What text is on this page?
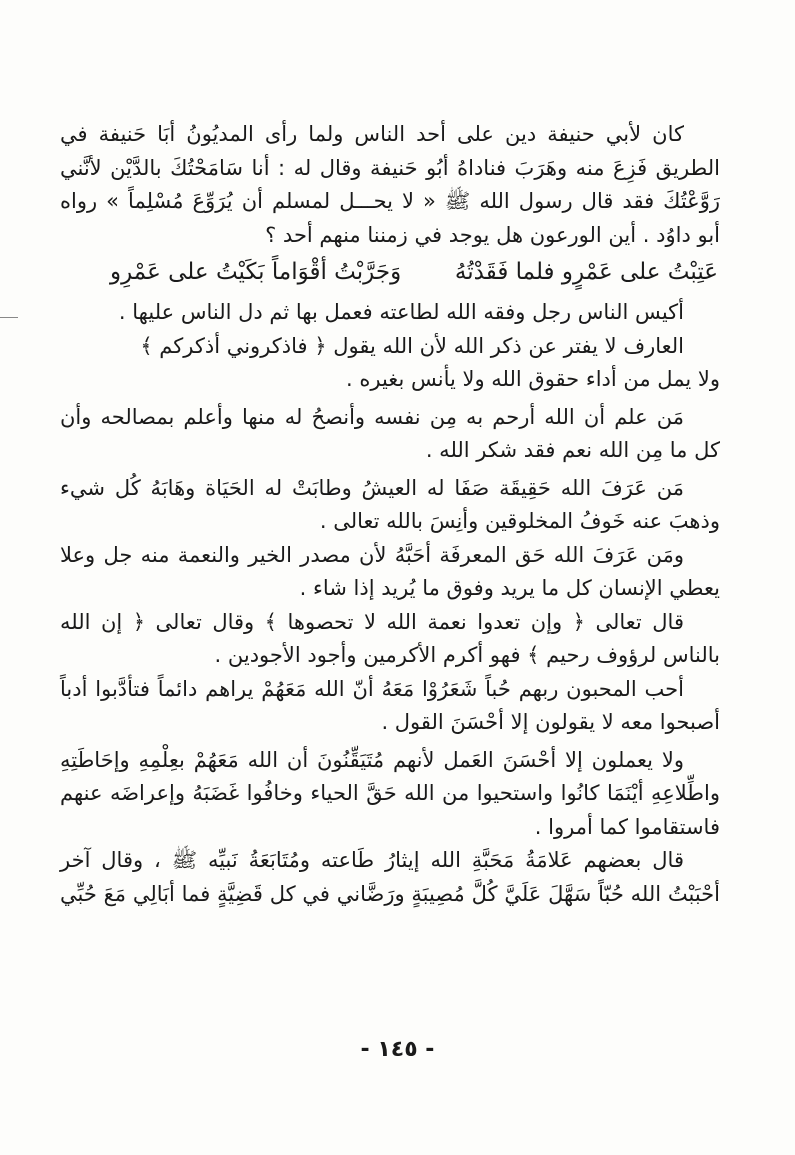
كان لأبي حنيفة دين على أحد الناس ولما رأى المديُونُ أبَا حَنيفة في
الطريق فَزِعَ منه وهَرَبَ فناداهُ أبُو حَنيفة وقال له : أنا سَامَحْتُكَ بالدَّيْن لأنَّني
رَوَّعْتُكَ فقد قال رسول الله ﷺ « لا يحـــل لمسلم أن يُرَوِّعَ مُسْلِماً » رواه
أبو داوُد . أين الورعون هل يوجد في زمننا منهم أحد ؟
عَتِبْتُ على عَمْرٍو فلما فَقَدْتُهُ
وَجَرَّبْتُ أقْوَاماً بَكَيْتُ على عَمْرِو
أكيس الناس رجل وفقه الله لطاعته فعمل بها ثم دل الناس عليها .
العارف لا يفتر عن ذكر الله لأن الله يقول ﴿ فاذكروني أذكركم ﴾
ولا يمل من أداء حقوق الله ولا يأنس بغيره .
مَن علم أن الله أرحم به مِن نفسه وأنصحُ له منها وأعلم بمصالحه وأن
كل ما مِن الله نعم فقد شكر الله .
مَن عَرَفَ الله حَقِيقَة صَفَا له العيشُ وطابَتْ له الحَيَاة وهَابَهُ كُل شيء
وذهبَ عنه خَوفُ المخلوقين وأنِسَ بالله تعالى .
ومَن عَرَفَ الله حَق المعرفَة أحَبَّهُ لأن مصدر الخير والنعمة منه جل وعلا
يعطي الإنسان كل ما يريد وفوق ما يُريد إذا شاء .
قال تعالى ﴿ وإن تعدوا نعمة الله لا تحصوها ﴾ وقال تعالى ﴿ إن الله
بالناس لرؤوف رحيم ﴾ فهو أكرم الأكرمين وأجود الأجودين .
أحب المحبون ربهم حُباً شَعَرُوْا مَعَهُ أنّ الله مَعَهُمْ يراهم دائماً فتأدَّبوا أدباً
أصبحوا معه لا يقولون إلا أحْسَنَ القول .
ولا يعملون إلا أحْسَنَ العَمل لأنهم مُتَيَقِّنُونَ أن الله مَعَهُمْ بعِلْمِهِ وإحَاطَتِهِ
واطِّلاعِهِ أيْنَمَا كانُوا واستحيوا من الله حَقَّ الحياء وخافُوا غَضَبَهُ وإعراضَه عنهم
فاستقاموا كما أمروا .
قال بعضهم عَلامَةُ مَحَبَّةِ الله إيثارُ طَاعته ومُتَابَعَةُ نَبيِّه ﷺ ، وقال آخر
أحْبَبْتُ الله حُبّاً سَهَّلَ عَلَيَّ كُلَّ مُصِيبَةٍ ورَضَّاني في كل قَضِيَّةٍ فما أبَالِي مَعَ حُبِّي
- ١٤٥ -
